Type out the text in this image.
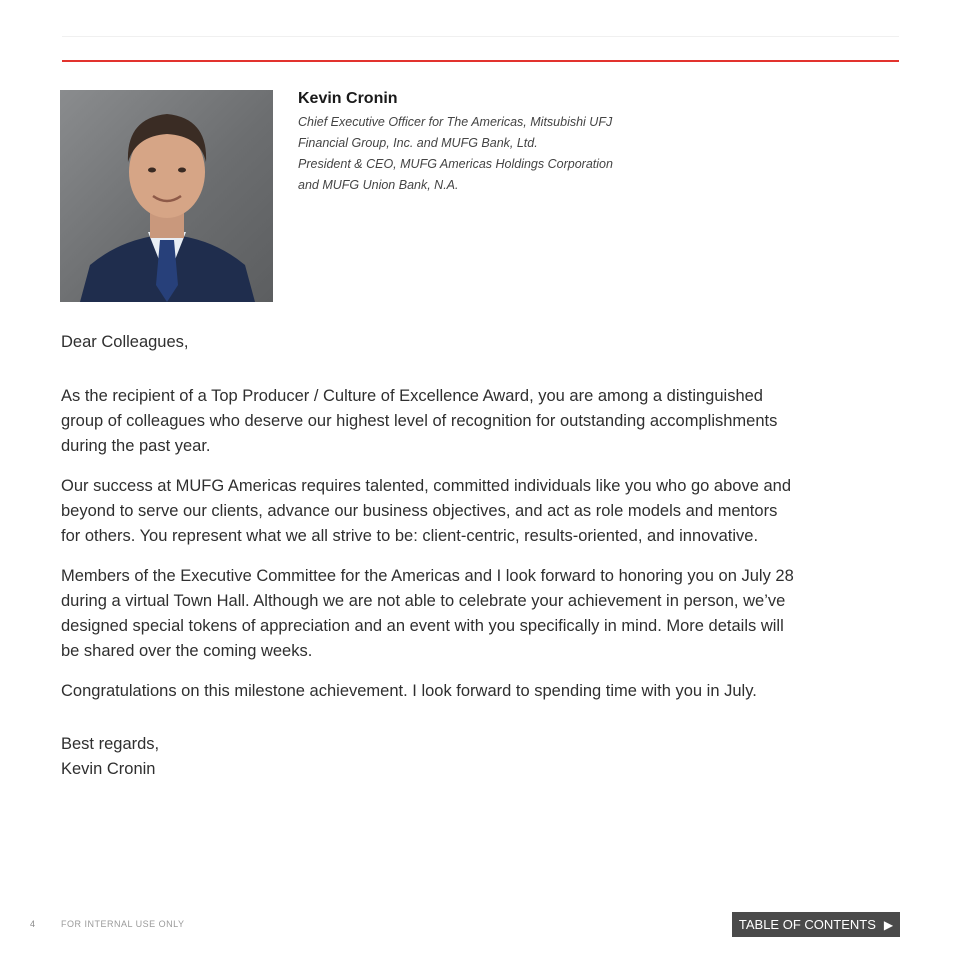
Kevin Cronin

Chief Executive Officer for The Americas, Mitsubishi UFJ

Financial Group, Inc. and MUFG Bank, Ltd.

President & CEO, MUFG Americas Holdings Corporation

and MUFG Union Bank, N.A.

Dear Colleagues,

As the recipient of a Top Producer / Culture of Excellence Award, you are among a distinguished group of colleagues who deserve our highest level of recognition for outstanding accomplishments during the past year.

Our success at MUFG Americas requires talented, committed individuals like you who go above and beyond to serve our clients, advance our business objectives, and act as role models and mentors for others. You represent what we all strive to be: client-centric, results-oriented, and innovative.

Members of the Executive Committee for the Americas and I look forward to honoring you on July 28 during a virtual Town Hall. Although we are not able to celebrate your achievement in person, we’ve designed special tokens of appreciation and an event with you specifically in mind. More details will be shared over the coming weeks.

Congratulations on this milestone achievement. I look forward to spending time with you in July.

Best regards,
Kevin Cronin
4	FOR INTERNAL USE ONLY	TABLE OF CONTENTS ▶
